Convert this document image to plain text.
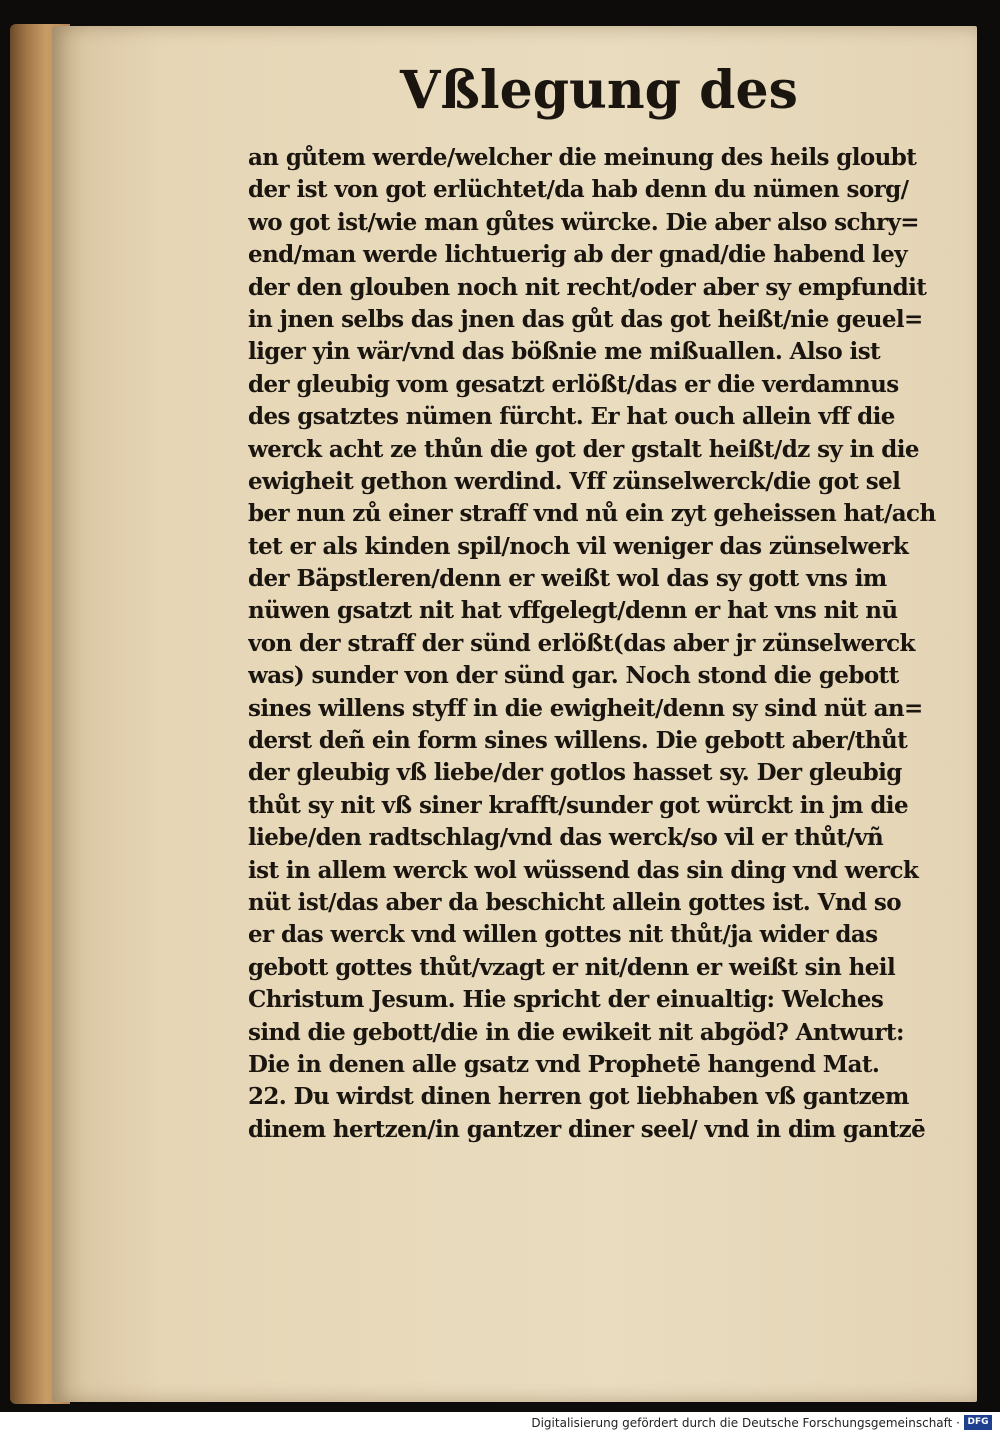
Vßlegung des
an gůtem werde/welcher die meinung des heils gloubt
der ist von got erlüchtet/da hab denn du nümen sorg/
wo got ist/wie man gůtes würcke. Die aber also schry=
end/man werde lichtuerig ab der gnad/die habend ley
der den glouben noch nit recht/oder aber sy empfundit
in jnen selbs das jnen das gůt das got heißt/nie geuel=
liger yin wär/vnd das bößnie me mißuallen. Also ist
der gleubig vom gesatzt erlößt/das er die verdamnus
des gsatztes nümen fürcht. Er hat ouch allein vff die
werck acht ze thůn die got der gstalt heißt/dz sy in die
ewigheit gethon werdind. Vff zünselwerck/die got sel
ber nun zů einer straff vnd nů ein zyt geheissen hat/ach
tet er als kinden spil/noch vil weniger das zünselwerk
der Bäpstleren/denn er weißt wol das sy gott vns im
nüwen gsatzt nit hat vffgelegt/denn er hat vns nit nū
von der straff der sünd erlößt(das aber jr zünselwerck
was) sunder von der sünd gar. Noch stond die gebott
sines willens styff in die ewigheit/denn sy sind nüt an=
derst deñ ein form sines willens. Die gebott aber/thůt
der gleubig vß liebe/der gotlos hasset sy. Der gleubig
thůt sy nit vß siner krafft/sunder got würckt in jm die
liebe/den radtschlag/vnd das werck/so vil er thůt/vñ
ist in allem werck wol wüssend das sin ding vnd werck
nüt ist/das aber da beschicht allein gottes ist. Vnd so
er das werck vnd willen gottes nit thůt/ja wider das
gebott gottes thůt/vzagt er nit/denn er weißt sin heil
Christum Jesum. Hie spricht der einualtig: Welches
sind die gebott/die in die ewikeit nit abgöd? Antwurt:
Die in denen alle gsatz vnd Prophetē hangend Mat.
22. Du wirdst dinen herren got liebhaben vß gantzem
dinem hertzen/in gantzer diner seel/ vnd in dim gantzē
Digitalisierung gefördert durch die Deutsche Forschungsgemeinschaft · DFG
